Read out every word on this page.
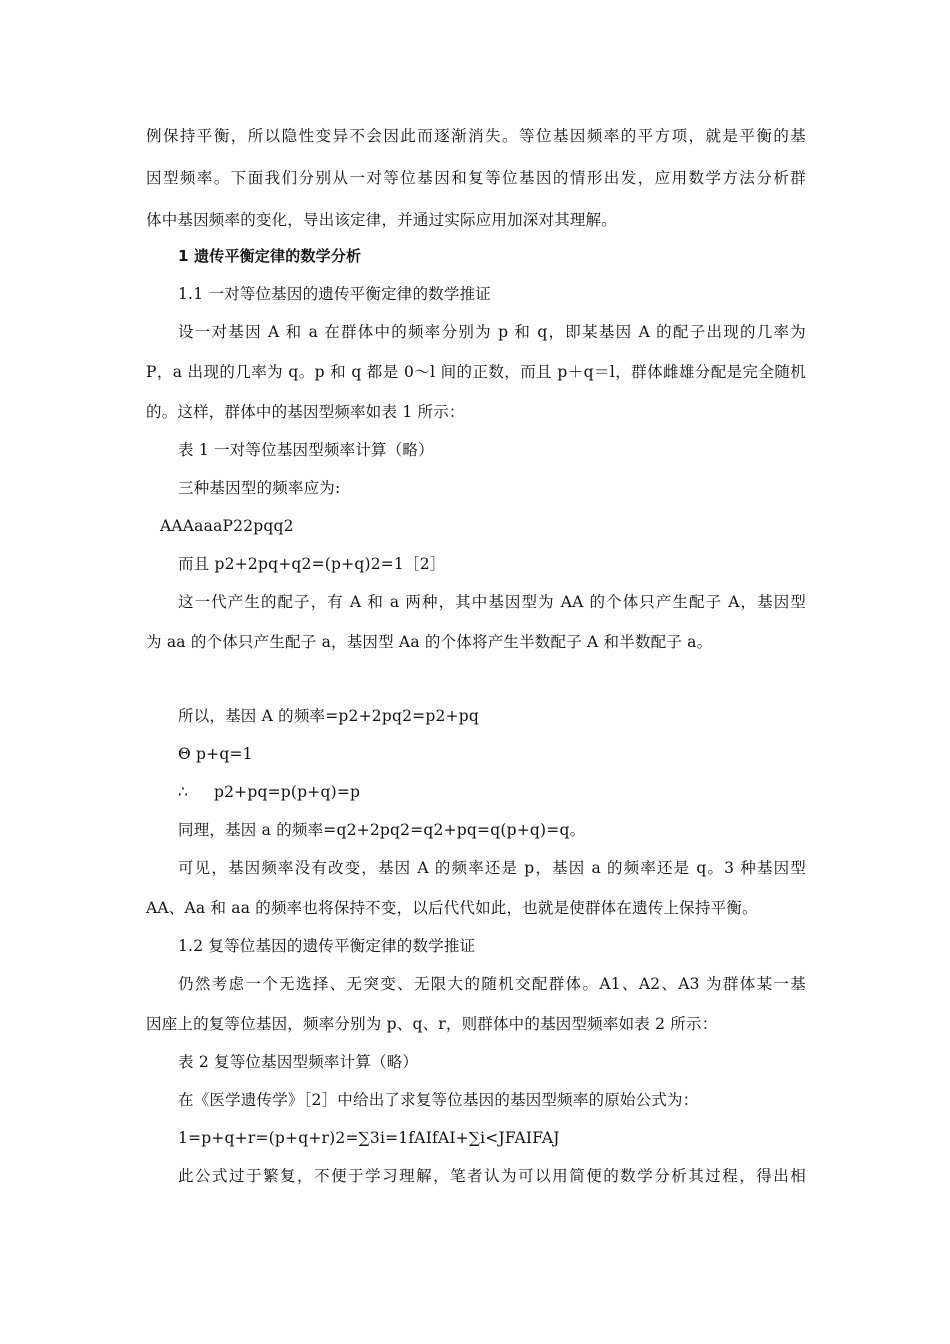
例保持平衡，所以隐性变异不会因此而逐渐消失。等位基因频率的平方项，就是平衡的基
因型频率。下面我们分别从一对等位基因和复等位基因的情形出发，应用数学方法分析群
体中基因频率的变化，导出该定律，并通过实际应用加深对其理解。
1 遗传平衡定律的数学分析
1.1 一对等位基因的遗传平衡定律的数学推证
设一对基因 A 和 a 在群体中的频率分别为 p 和 q，即某基因 A 的配子出现的几率为
P，a 出现的几率为 q。p 和 q 都是 0～l 间的正数，而且 p＋q＝l，群体雌雄分配是完全随机
的。这样，群体中的基因型频率如表 1 所示：
表 1 一对等位基因型频率计算（略）
三种基因型的频率应为:
AAAaaaP22pqq2
而且 p2+2pq+q2=(p+q)2=1［2］
这一代产生的配子，有 A 和 a 两种，其中基因型为 AA 的个体只产生配子 A，基因型
为 aa 的个体只产生配子 a，基因型 Aa 的个体将产生半数配子 A 和半数配子 a。
所以，基因 A 的频率=p2+2pq2=p2+pq
Θ p+q=1
∴ p2+pq=p(p+q)=p
同理，基因 a 的频率=q2+2pq2=q2+pq=q(p+q)=q。
可见，基因频率没有改变，基因 A 的频率还是 p，基因 a 的频率还是 q。3 种基因型
AA、Aa 和 aa 的频率也将保持不变，以后代代如此，也就是使群体在遗传上保持平衡。
1.2 复等位基因的遗传平衡定律的数学推证
仍然考虑一个无选择、无突变、无限大的随机交配群体。A1、A2、A3 为群体某一基
因座上的复等位基因，频率分别为 p、q、r，则群体中的基因型频率如表 2 所示：
表 2 复等位基因型频率计算（略）
在《医学遗传学》［2］中给出了求复等位基因的基因型频率的原始公式为：
1=p+q+r=(p+q+r)2=∑3i=1fAIfAI+∑i<JFAIFAJ
此公式过于繁复，不便于学习理解，笔者认为可以用简便的数学分析其过程，得出相
